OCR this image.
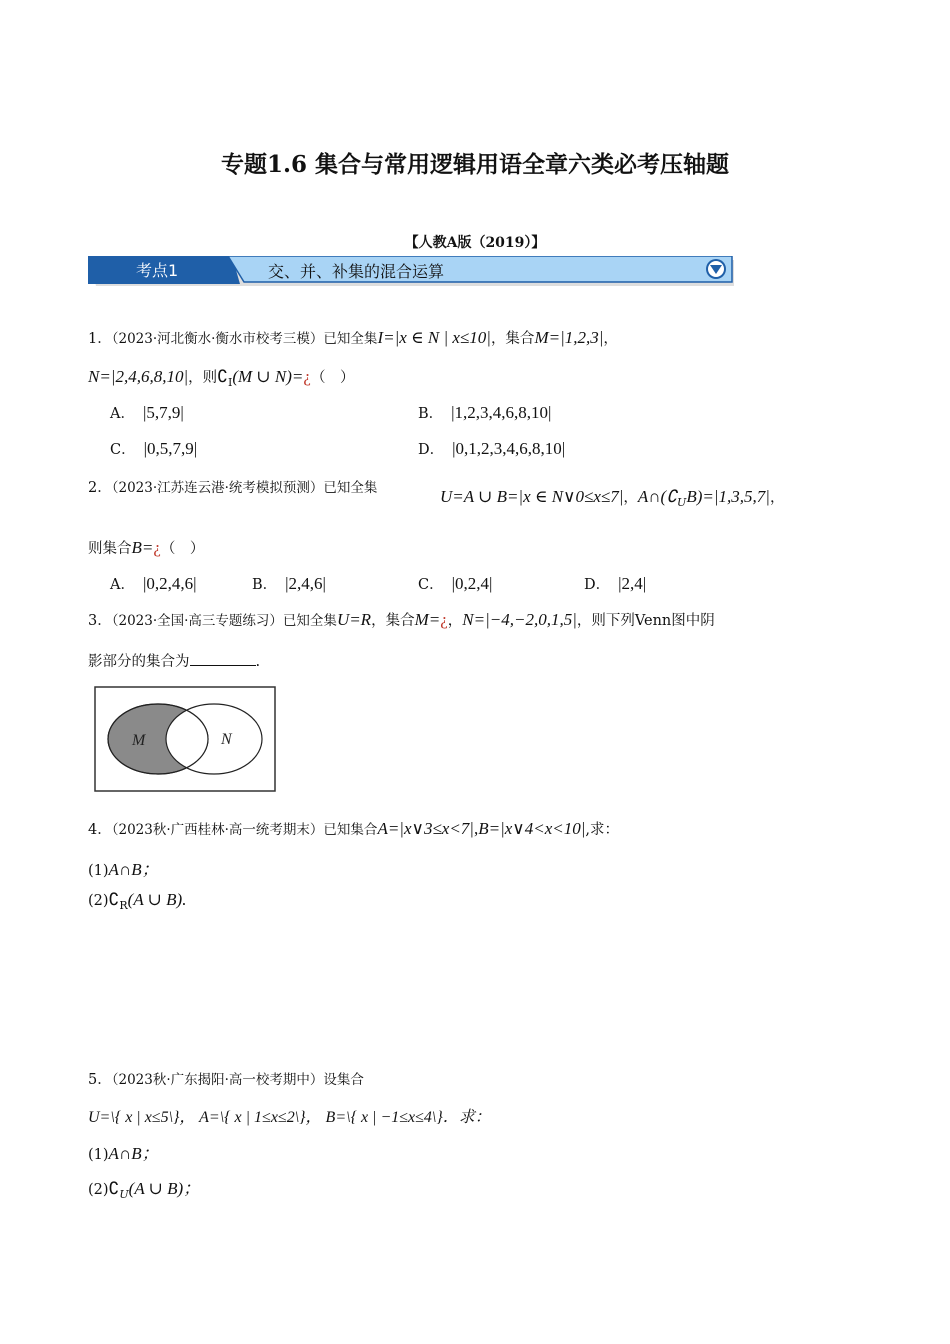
专题1.6 集合与常用逻辑用语全章六类必考压轴题
【人教A版（2019）】
考点1	交、并、补集的混合运算
1．（2023·河北衡水·衡水市校考三模）已知全集I=|x ∈ N | x≤10|，集合M=|1,2,3|，
N=|2,4,6,8,10|，则$∁_I(M$ ∪ N)=¿（　）
A． |5,7,9|	B． |1,2,3,4,6,8,10|
C． |0,5,7,9|	D． |0,1,2,3,4,6,8,10|
2．（2023·江苏连云港·统考模拟预测）已知全集	U=A ∪ B=|x ∈ N∨0≤x≤7|，$A\cap(∁_UB)=|1,3,5,7|$，
则集合B=¿（　）
A． |0,2,4,6|	B． |2,4,6|	C． |0,2,4|	D． |2,4|
3．（2023·全国·高三专题练习）已知全集U=R，集合M=¿，N=|−4,−2,0,1,5|，则下列Venn图中阴
影部分的集合为	.
M	N
4．（2023秋·广西桂林·高一统考期末）已知集合A=|x∨3≤x<7|,B=|x∨4<x<10|,求：
(1)A∩B；
$(2)∁_R(A$ ∪ B).
5．（2023秋·广东揭阳·高一校考期中）设集合
U=\{ x | x≤5\}， A=\{ x | 1≤x≤2\}， B=\{ x | −1≤x≤4\}．求：
(1)A∩B；
$(2)∁_U(A$ ∪ B)；
